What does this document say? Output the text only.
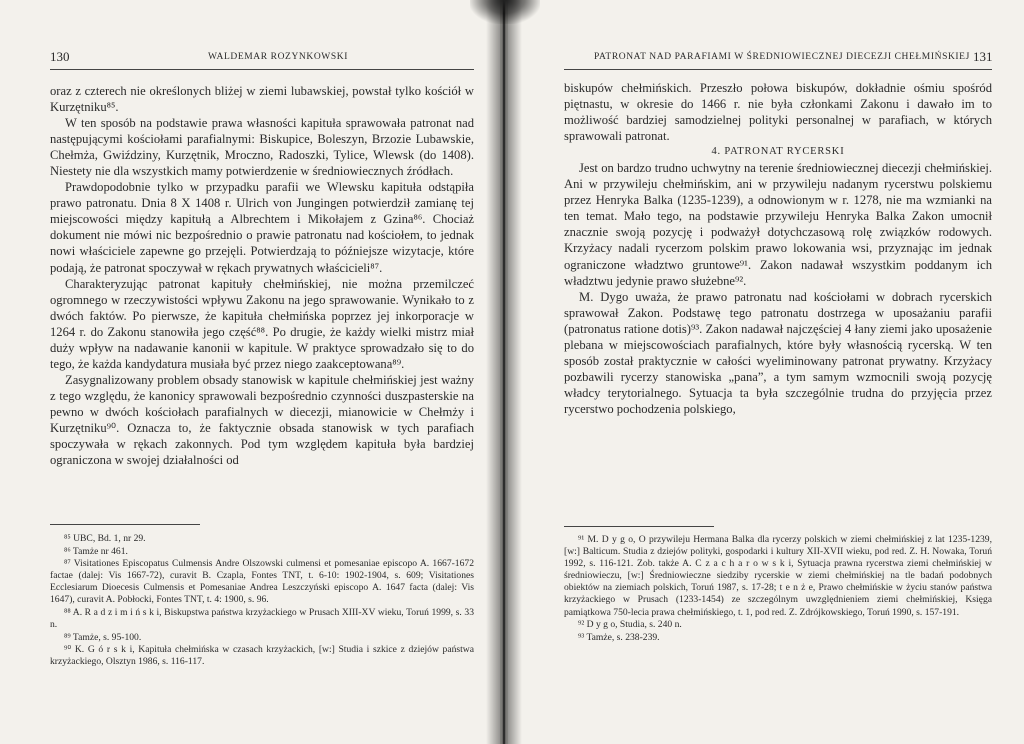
130	WALDEMAR ROZYNKOWSKI

oraz z czterech nie określonych bliżej w ziemi lubawskiej, powstał tylko kościół w Kurzętniku⁸⁵.

W ten sposób na podstawie prawa własności kapituła sprawowała patronat nad następującymi kościołami parafialnymi: Biskupice, Boleszyn, Brzozie Lubawskie, Chełmża, Gwiździny, Kurzętnik, Mroczno, Radoszki, Tylice, Wlewsk (do 1408). Niestety nie dla wszystkich mamy potwierdzenie w średniowiecznych źródłach.

Prawdopodobnie tylko w przypadku parafii we Wlewsku kapituła odstąpiła prawo patronatu. Dnia 8 X 1408 r. Ulrich von Jungingen potwierdził zamianę tej miejscowości między kapitułą a Albrechtem i Mikołajem z Gzina⁸⁶. Chociaż dokument nie mówi nic bezpośrednio o prawie patronatu nad kościołem, to jednak nowi właściciele zapewne go przejęli. Potwierdzają to późniejsze wizytacje, które podają, że patronat spoczywał w rękach prywatnych właścicieli⁸⁷.

Charakteryzując patronat kapituły chełmińskiej, nie można przemilczeć ogromnego w rzeczywistości wpływu Zakonu na jego sprawowanie. Wynikało to z dwóch faktów. Po pierwsze, że kapituła chełmińska poprzez jej inkorporacje w 1264 r. do Zakonu stanowiła jego część⁸⁸. Po drugie, że każdy wielki mistrz miał duży wpływ na nadawanie kanonii w kapitule. W praktyce sprowadzało się to do tego, że każda kandydatura musiała być przez niego zaakceptowana⁸⁹.

Zasygnalizowany problem obsady stanowisk w kapitule chełmińskiej jest ważny z tego względu, że kanonicy sprawowali bezpośrednio czynności duszpasterskie na pewno w dwóch kościołach parafialnych w diecezji, mianowicie w Chełmży i Kurzętniku⁹⁰. Oznacza to, że faktycznie obsada stanowisk w tych parafiach spoczywała w rękach zakonnych. Pod tym względem kapituła była bardziej ograniczona w swojej działalności od

⁸⁵ UBC, Bd. 1, nr 29.

⁸⁶ Tamże nr 461.

⁸⁷ Visitationes Episcopatus Culmensis Andre Olszowski culmensi et pomesaniae episcopo A. 1667-1672 factae (dalej: Vis 1667-72), curavit B. Czapla, Fontes TNT, t. 6-10: 1902-1904, s. 609; Visitationes Ecclesiarum Dioecesis Culmensis et Pomesaniae Andrea Leszczyński episcopo A. 1647 facta (dalej: Vis 1647), curavit A. Pobłocki, Fontes TNT, t. 4: 1900, s. 96.

⁸⁸ A. R a d z i m i ń s k i, Biskupstwa państwa krzyżackiego w Prusach XIII-XV wieku, Toruń 1999, s. 33 n.

⁸⁹ Tamże, s. 95-100.

⁹⁰ K. G ó r s k i, Kapituła chełmińska w czasach krzyżackich, [w:] Studia i szkice z dziejów państwa krzyżackiego, Olsztyn 1986, s. 116-117.

PATRONAT NAD PARAFIAMI W ŚREDNIOWIECZNEJ DIECEZJI CHEŁMIŃSKIEJ 131

biskupów chełmińskich. Przeszło połowa biskupów, dokładnie ośmiu spośród piętnastu, w okresie do 1466 r. nie była członkami Zakonu i dawało im to możliwość bardziej samodzielnej polityki personalnej w parafiach, w których sprawowali patronat.

4. PATRONAT RYCERSKI

Jest on bardzo trudno uchwytny na terenie średniowiecznej diecezji chełmińskiej. Ani w przywileju chełmińskim, ani w przywileju nadanym rycerstwu polskiemu przez Henryka Balka (1235-1239), a odnowionym w r. 1278, nie ma wzmianki na ten temat. Mało tego, na podstawie przywileju Henryka Balka Zakon umocnił znacznie swoją pozycję i podważył dotychczasową rolę związków rodowych. Krzyżacy nadali rycerzom polskim prawo lokowania wsi, przyznając im jednak ograniczone władztwo gruntowe⁹¹. Zakon nadawał wszystkim poddanym ich władztwu jedynie prawo służebne⁹².

M. Dygo uważa, że prawo patronatu nad kościołami w dobrach rycerskich sprawował Zakon. Podstawę tego patronatu dostrzega w uposażaniu parafii (patronatus ratione dotis)⁹³. Zakon nadawał najczęściej 4 łany ziemi jako uposażenie plebana w miejscowościach parafialnych, które były własnością rycerską. W ten sposób został praktycznie w całości wyeliminowany patronat prywatny. Krzyżacy pozbawili rycerzy stanowiska „pana”, a tym samym wzmocnili swoją pozycję władcy terytorialnego. Sytuacja ta była szczególnie trudna do przyjęcia przez rycerstwo pochodzenia polskiego,

⁹¹ M. D y g o, O przywileju Hermana Balka dla rycerzy polskich w ziemi chełmińskiej z lat 1235-1239, [w:] Balticum. Studia z dziejów polityki, gospodarki i kultury XII-XVII wieku, pod red. Z. H. Nowaka, Toruń 1992, s. 116-121. Zob. także A. C z a c h a r o w s k i, Sytuacja prawna rycerstwa ziemi chełmińskiej w średniowieczu, [w:] Średniowieczne siedziby rycerskie w ziemi chełmińskiej na tle badań podobnych obiektów na ziemiach polskich, Toruń 1987, s. 17-28; t e n ż e, Prawo chełmińskie w życiu stanów państwa krzyżackiego w Prusach (1233-1454) ze szczególnym uwzględnieniem ziemi chełmińskiej, Księga pamiątkowa 750-lecia prawa chełmińskiego, t. 1, pod red. Z. Zdrójkowskiego, Toruń 1990, s. 157-191.

⁹² D y g o, Studia, s. 240 n.

⁹³ Tamże, s. 238-239.
